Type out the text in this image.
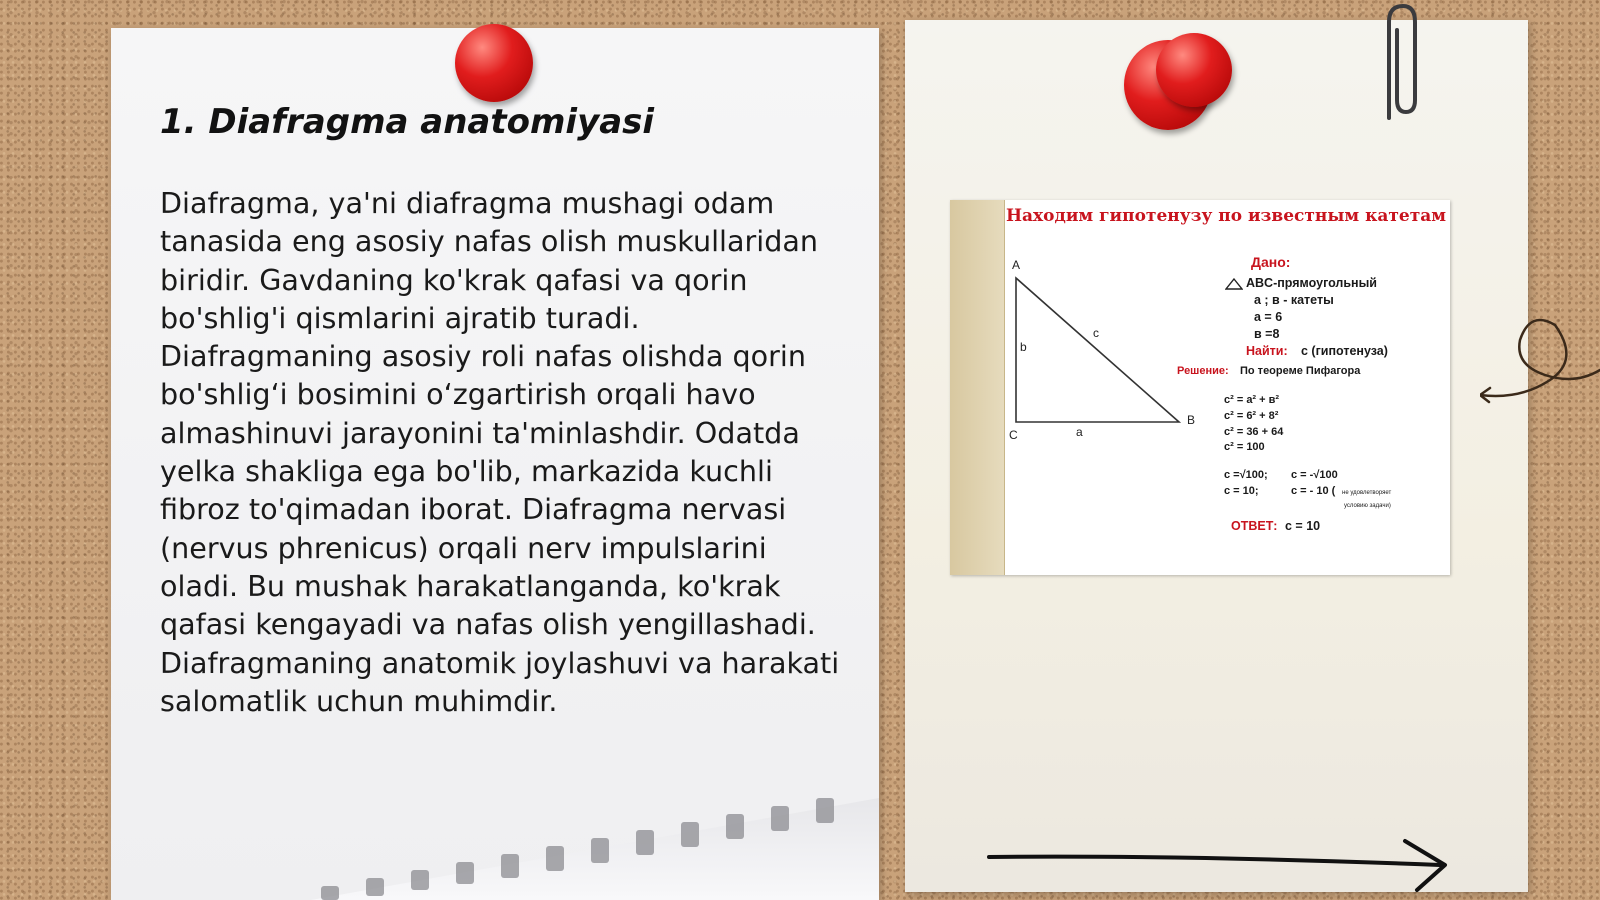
1. Diafragma anatomiyasi

Diafragma, ya'ni diafragma mushagi odam tanasida eng asosiy nafas olish muskullaridan biridir. Gavdaning ko'krak qafasi va qorin bo'shlig'i qismlarini ajratib turadi. Diafragmaning asosiy roli nafas olishda qorin bo'shlig‘i bosimini o‘zgartirish orqali havo almashinuvi jarayonini ta'minlashdir. Odatda yelka shakliga ega bo'lib, markazida kuchli fibroz to'qimadan iborat. Diafragma nervasi (nervus phrenicus) orqali nerv impulslarini oladi. Bu mushak harakatlanganda, ko'krak qafasi kengayadi va nafas olish yengillashadi. Diafragmaning anatomik joylashuvi va harakati salomatlik uchun muhimdir.

Находим гипотенузу по известным катетам
A
B
C	a
b
c
Дано:
ABC-прямоугольный
а ; в - катеты
а = 6
в =8
Найти: с (гипотенуза)
Решение: По теореме Пифагора
с² = а² + в²
с² = 6² + 8²
с² = 36 + 64
с² = 100
с =√100; с = -√100
с = 10;	с = - 10 ( не удовлетворяет
условию задачи)
ОТВЕТ: с = 10
